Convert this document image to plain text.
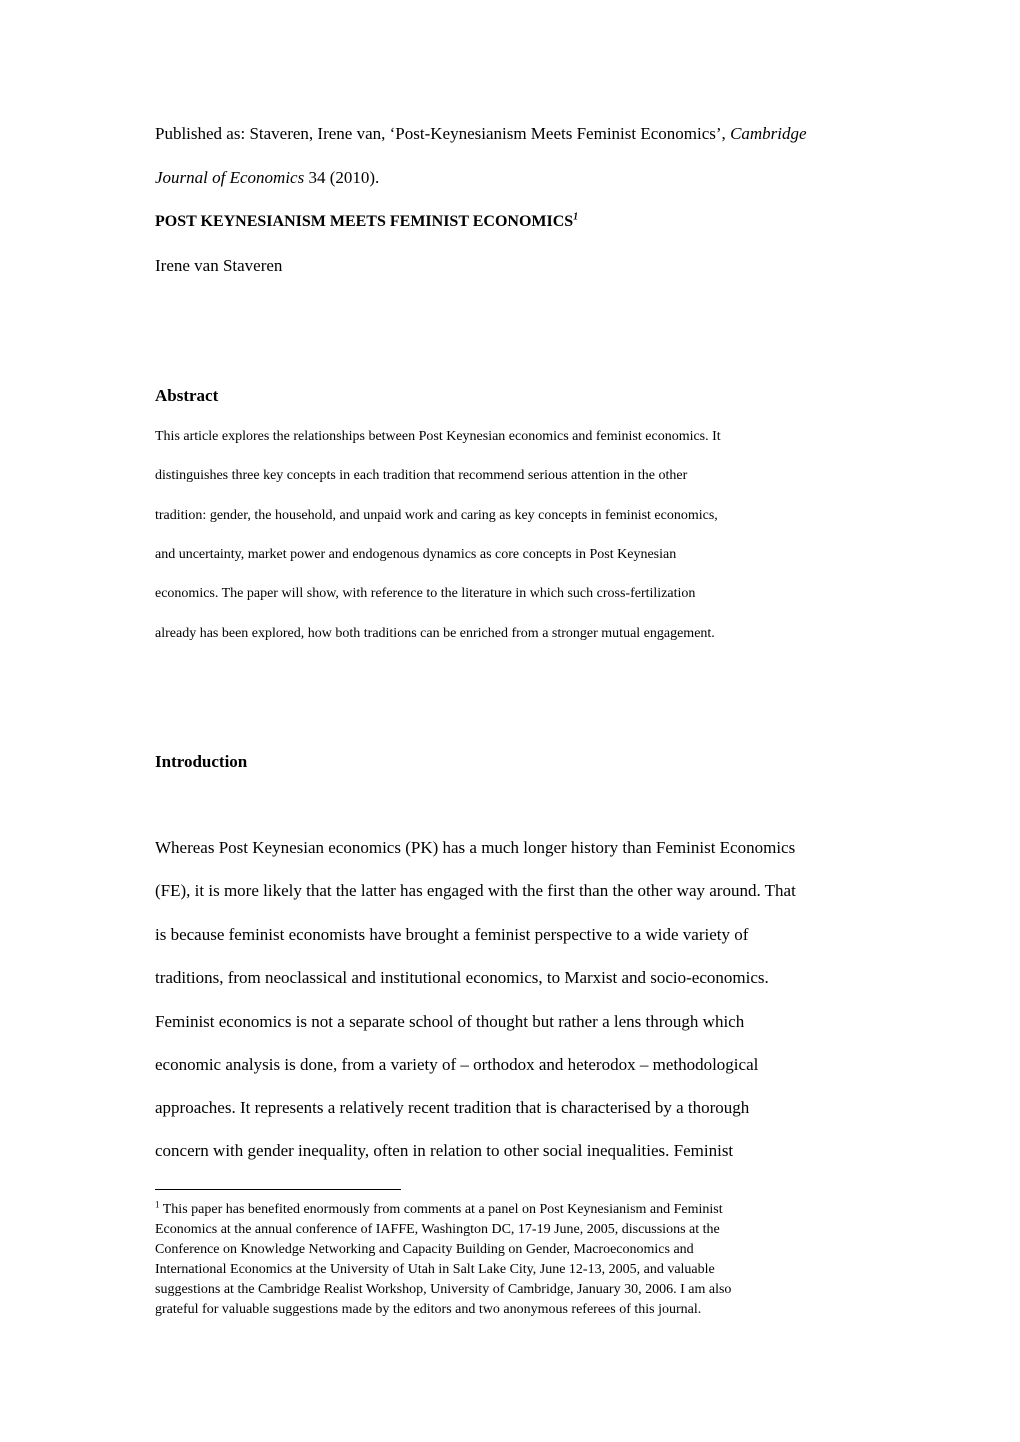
Published as: Staveren, Irene van, ‘Post-Keynesianism Meets Feminist Economics’, Cambridge
Journal of Economics 34 (2010).
POST KEYNESIANISM MEETS FEMINIST ECONOMICS$^1$
Irene van Staveren
Abstract
This article explores the relationships between Post Keynesian economics and feminist economics. It
distinguishes three key concepts in each tradition that recommend serious attention in the other
tradition: gender, the household, and unpaid work and caring as key concepts in feminist economics,
and uncertainty, market power and endogenous dynamics as core concepts in Post Keynesian
economics. The paper will show, with reference to the literature in which such cross-fertilization
already has been explored, how both traditions can be enriched from a stronger mutual engagement.
Introduction
Whereas Post Keynesian economics (PK) has a much longer history than Feminist Economics
(FE), it is more likely that the latter has engaged with the first than the other way around. That
is because feminist economists have brought a feminist perspective to a wide variety of
traditions, from neoclassical and institutional economics, to Marxist and socio-economics.
Feminist economics is not a separate school of thought but rather a lens through which
economic analysis is done, from a variety of – orthodox and heterodox – methodological
approaches. It represents a relatively recent tradition that is characterised by a thorough
concern with gender inequality, often in relation to other social inequalities. Feminist
$^1$ This paper has benefited enormously from comments at a panel on Post Keynesianism and Feminist
Economics at the annual conference of IAFFE, Washington DC, 17-19 June, 2005, discussions at the
Conference on Knowledge Networking and Capacity Building on Gender, Macroeconomics and
International Economics at the University of Utah in Salt Lake City, June 12-13, 2005, and valuable
suggestions at the Cambridge Realist Workshop, University of Cambridge, January 30, 2006. I am also
grateful for valuable suggestions made by the editors and two anonymous referees of this journal.
